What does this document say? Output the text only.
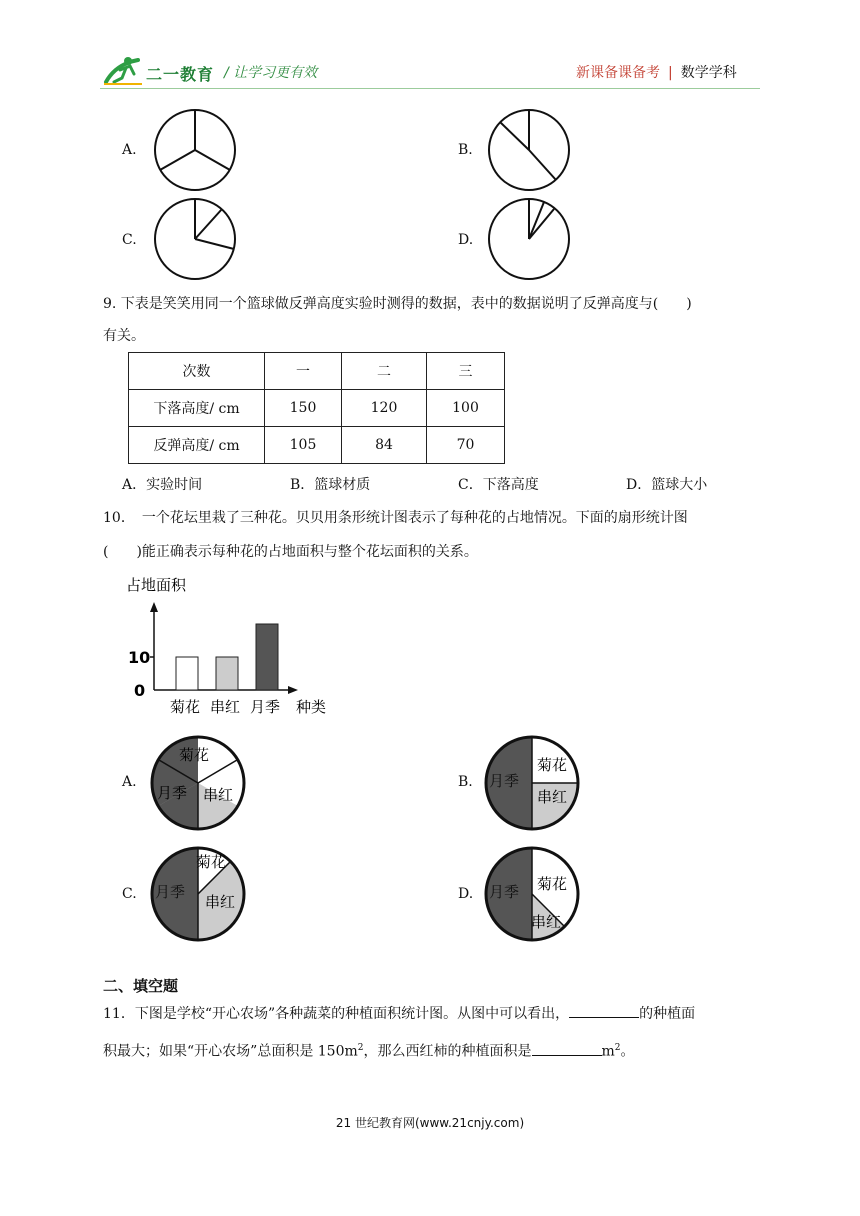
二一教育 / 让学习更有效	新课备课备考 | 数学学科
A.	B.
C.	D.
9. 下表是笑笑用同一个篮球做反弹高度实验时测得的数据，表中的数据说明了反弹高度与(　　)
有关。
次数	一	二	三
下落高度/ cm	150	120	100
反弹高度/ cm	105	84	70
A．实验时间	B．篮球材质	C．下落高度	D．篮球大小
10．　一个花坛里栽了三种花。贝贝用条形统计图表示了每种花的占地情况。下面的扇形统计图
(　　)能正确表示每种花的占地面积与整个花坛面积的关系。
占地面积
0
10
菊花 串红 月季 种类
A.
菊花
月季 串红
B.
菊花
月季
串红
C.
菊花
月季
串红	D.
菊花
月季
串红
二、填空题
11．下图是学校“开心农场”各种蔬菜的种植面积统计图。从图中可以看出，	的种植面
积最大；如果“开心农场”总面积是 $150m^2$，那么西红柿的种植面积是	$m^2$。
21 世纪教育网(www.21cnjy.com)
